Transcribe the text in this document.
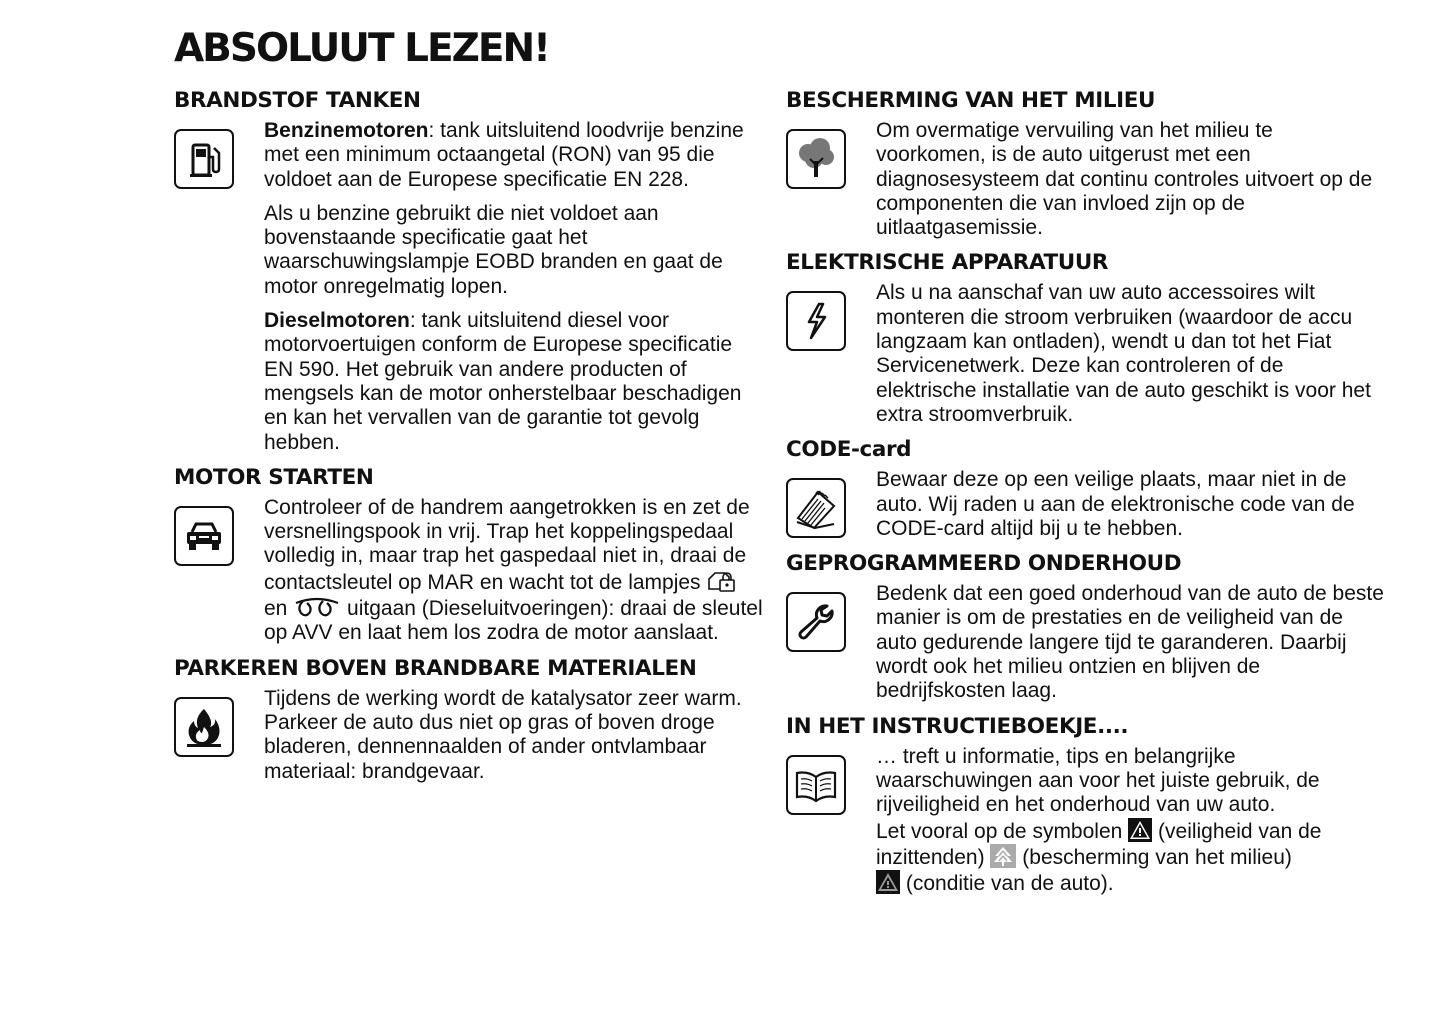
ABSOLUUT LEZEN!
BRANDSTOF TANKEN

Benzinemotoren: tank uitsluitend loodvrije benzine met een minimum octaangetal (RON) van 95 die voldoet aan de Europese specificatie EN 228.

Als u benzine gebruikt die niet voldoet aan bovenstaande specificatie gaat het waarschuwingslampje EOBD branden en gaat de motor onregelmatig lopen.

Dieselmotoren: tank uitsluitend diesel voor motorvoertuigen conform de Europese specificatie EN 590. Het gebruik van andere producten of mengsels kan de motor onherstelbaar beschadigen en kan het vervallen van de garantie tot gevolg hebben.

MOTOR STARTEN

Controleer of de handrem aangetrokken is en zet de versnellingspook in vrij. Trap het koppelingspedaal volledig in, maar trap het gaspedaal niet in, draai de contactsleutel op MAR en wacht tot de lampjes  en	uitgaan (Dieseluitvoeringen): draai de sleutel op AVV en laat hem los zodra de motor aanslaat.

PARKEREN BOVEN BRANDBARE MATERIALEN

Tijdens de werking wordt de katalysator zeer warm. Parkeer de auto dus niet op gras of boven droge bladeren, dennennaalden of ander ontvlambaar materiaal: brandgevaar.

BESCHERMING VAN HET MILIEU

Om overmatige vervuiling van het milieu te voorkomen, is de auto uitgerust met een diagnosesysteem dat continu controles uitvoert op de componenten die van invloed zijn op de uitlaatgasemissie.

ELEKTRISCHE APPARATUUR

Als u na aanschaf van uw auto accessoires wilt monteren die stroom verbruiken (waardoor de accu langzaam kan ontladen), wendt u dan tot het Fiat Servicenetwerk. Deze kan controleren of de elektrische installatie van de auto geschikt is voor het extra stroomverbruik.

CODE-card

Bewaar deze op een veilige plaats, maar niet in de auto. Wij raden u aan de elektronische code van de CODE-card altijd bij u te hebben.

GEPROGRAMMEERD ONDERHOUD

Bedenk dat een goed onderhoud van de auto de beste manier is om de prestaties en de veiligheid van de auto gedurende langere tijd te garanderen. Daarbij wordt ook het milieu ontzien en blijven de bedrijfskosten laag.

IN HET INSTRUCTIEBOEKJE....

… treft u informatie, tips en belangrijke waarschuwingen aan voor het juiste gebruik, de rijveiligheid en het onderhoud van uw auto.
Let vooral op de symbolen (veiligheid van de inzittenden) (bescherming van het milieu)
(conditie van de auto).
